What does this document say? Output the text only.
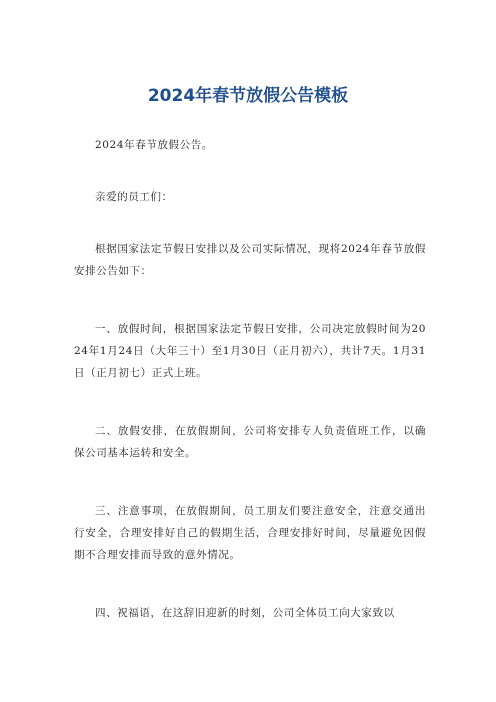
2024年春节放假公告模板

2024年春节放假公告。

亲爱的员工们：

根据国家法定节假日安排以及公司实际情况，现将2024年春节放假安排公告如下：

一、放假时间，根据国家法定节假日安排，公司决定放假时间为2024年1月24日（大年三十）至1月30日（正月初六），共计7天。1月31日（正月初七）正式上班。

二、放假安排，在放假期间，公司将安排专人负责值班工作，以确保公司基本运转和安全。

三、注意事项，在放假期间，员工朋友们要注意安全，注意交通出行安全，合理安排好自己的假期生活，合理安排好时间，尽量避免因假期不合理安排而导致的意外情况。

四、祝福语，在这辞旧迎新的时刻，公司全体员工向大家致以
